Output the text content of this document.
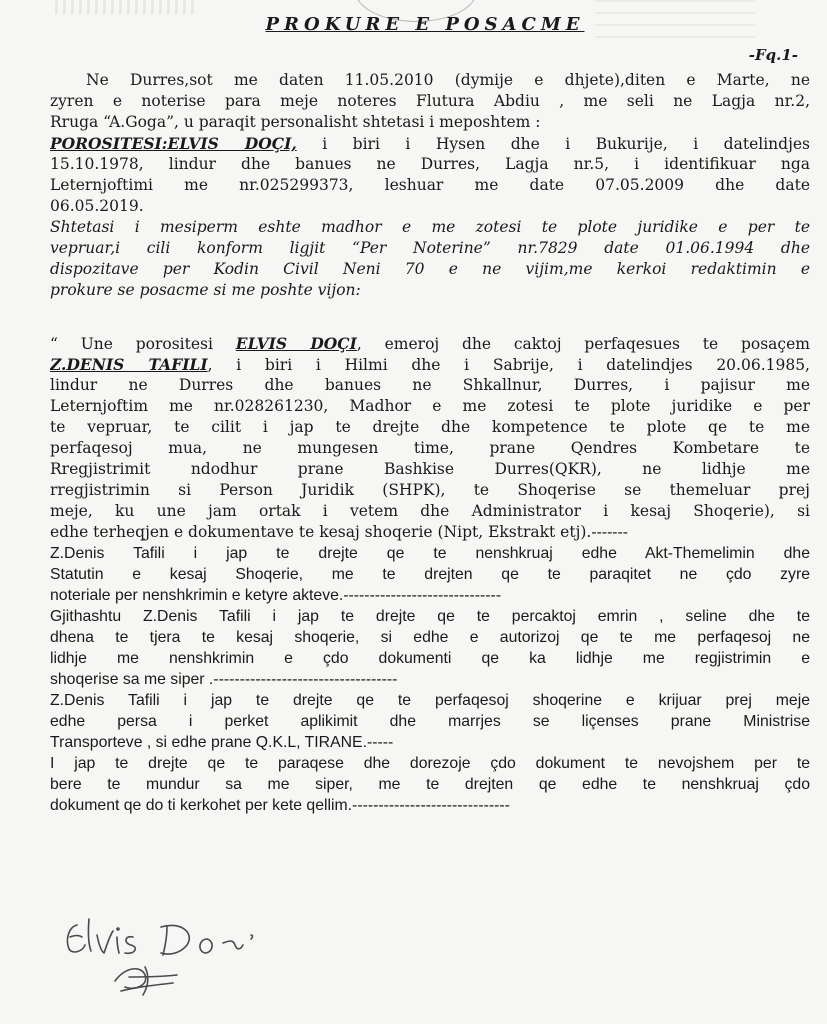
PROKURE E POSACME
-Fq.1-
Ne Durres,sot me daten 11.05.2010 (dymije e dhjete),diten e Marte, ne
zyren e noterise para meje noteres Flutura Abdiu , me seli ne Lagja nr.2,
Rruga “A.Goga”, u paraqit personalisht shtetasi i meposhtem :
POROSITESI:ELVIS DOÇI, i biri i Hysen dhe i Bukurije, i datelindjes
15.10.1978, lindur dhe banues ne Durres, Lagja nr.5, i identifikuar nga
Leternjoftimi me nr.025299373, leshuar me date 07.05.2009 dhe date
06.05.2019.
Shtetasi i mesiperm eshte madhor e me zotesi te plote juridike e per te
vepruar,i cili konform ligjit “Per Noterine” nr.7829 date 01.06.1994 dhe
dispozitave per Kodin Civil Neni 70 e ne vijim,me kerkoi redaktimin e
prokure se posacme si me poshte vijon:
“ Une porositesi ELVIS DOÇI, emeroj dhe caktoj perfaqesues te posaçem
Z.DENIS TAFILI, i biri i Hilmi dhe i Sabrije, i datelindjes 20.06.1985,
lindur ne Durres dhe banues ne Shkallnur, Durres, i pajisur me
Leternjoftim me nr.028261230, Madhor e me zotesi te plote juridike e per
te vepruar, te cilit i jap te drejte dhe kompetence te plote qe te me
perfaqesoj mua, ne mungesen time, prane Qendres Kombetare te
Rregjistrimit ndodhur prane Bashkise Durres(QKR), ne lidhje me
rregjistrimin si Person Juridik (SHPK), te Shoqerise se themeluar prej
meje, ku une jam ortak i vetem dhe Administrator i kesaj Shoqerie), si
edhe terheqjen e dokumentave te kesaj shoqerie (Nipt, Ekstrakt etj).-------
Z.Denis Tafili i jap te drejte qe te nenshkruaj edhe Akt-Themelimin dhe
Statutin e kesaj Shoqerie, me te drejten qe te paraqitet ne çdo zyre
noteriale per nenshkrimin e ketyre akteve.------------------------------
Gjithashtu Z.Denis Tafili i jap te drejte qe te percaktoj emrin , seline dhe te
dhena te tjera te kesaj shoqerie, si edhe e autorizoj qe te me perfaqesoj ne
lidhje me nenshkrimin e çdo dokumenti qe ka lidhje me regjistrimin e
shoqerise sa me siper .-----------------------------------
Z.Denis Tafili i jap te drejte qe te perfaqesoj shoqerine e krijuar prej meje
edhe persa i perket aplikimit dhe marrjes se liçenses prane Ministrise
Transporteve , si edhe prane Q.K.L, TIRANE.-----
I jap te drejte qe te paraqese dhe dorezoje çdo dokument te nevojshem per te
bere te mundur sa me siper, me te drejten qe edhe te nenshkruaj çdo
dokument qe do ti kerkohet per kete qellim.------------------------------
